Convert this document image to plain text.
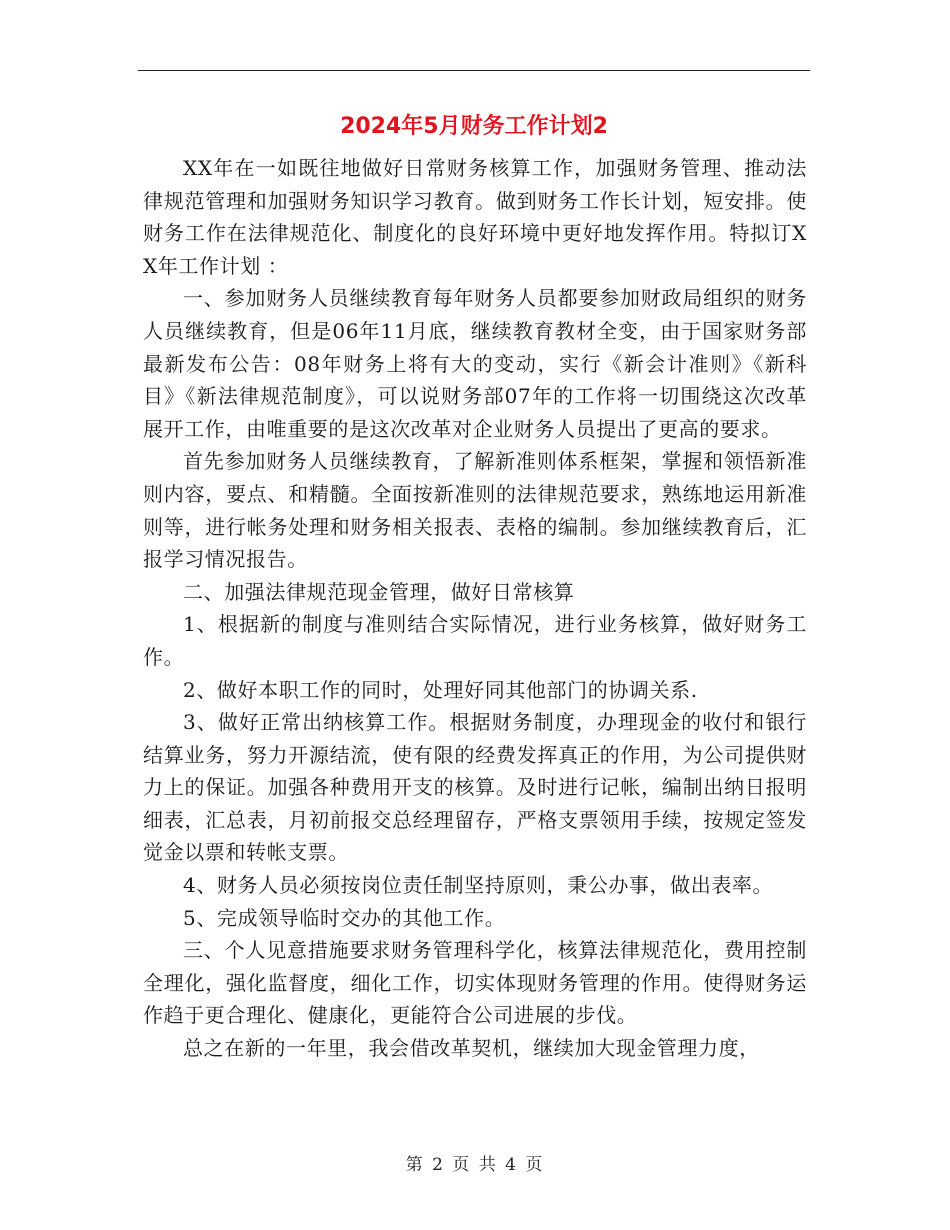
2024年5月财务工作计划2

XX年在一如既往地做好日常财务核算工作，加强财务管理、推动法律规范管理和加强财务知识学习教育。做到财务工作长计划，短安排。使财务工作在法律规范化、制度化的良好环境中更好地发挥作用。特拟订XX年工作计划 ：

一、参加财务人员继续教育每年财务人员都要参加财政局组织的财务人员继续教育，但是06年11月底，继续教育教材全变，由于国家财务部最新发布公告：08年财务上将有大的变动，实行《新会计准则》《新科目》《新法律规范制度》，可以说财务部07年的工作将一切围绕这次改革展开工作，由唯重要的是这次改革对企业财务人员提出了更高的要求。

首先参加财务人员继续教育，了解新准则体系框架，掌握和领悟新准则内容，要点、和精髓。全面按新准则的法律规范要求，熟练地运用新准则等，进行帐务处理和财务相关报表、表格的编制。参加继续教育后，汇报学习情况报告。

二、加强法律规范现金管理，做好日常核算

1、根据新的制度与准则结合实际情况，进行业务核算，做好财务工作。

2、做好本职工作的同时，处理好同其他部门的协调关系.

3、做好正常出纳核算工作。根据财务制度，办理现金的收付和银行结算业务，努力开源结流，使有限的经费发挥真正的作用，为公司提供财力上的保证。加强各种费用开支的核算。及时进行记帐，编制出纳日报明细表，汇总表，月初前报交总经理留存，严格支票领用手续，按规定签发觉金以票和转帐支票。

4、财务人员必须按岗位责任制坚持原则，秉公办事，做出表率。

5、完成领导临时交办的其他工作。

三、个人见意措施要求财务管理科学化，核算法律规范化，费用控制全理化，强化监督度，细化工作，切实体现财务管理的作用。使得财务运作趋于更合理化、健康化，更能符合公司进展的步伐。

总之在新的一年里，我会借改革契机，继续加大现金管理力度，

第 2 页 共 4 页
